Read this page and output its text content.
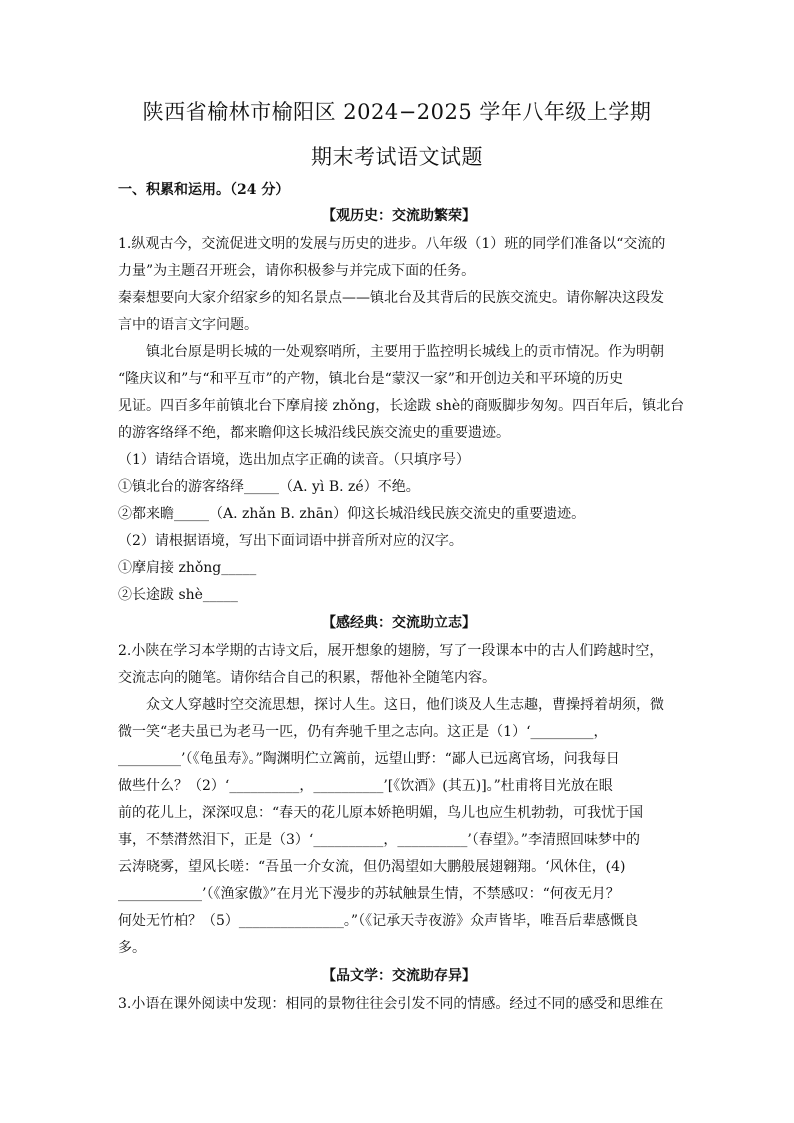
陕西省榆林市榆阳区 2024−2025 学年八年级上学期
期末考试语文试题
一、积累和运用。（24 分）
【观历史：交流助繁荣】
1.纵观古今，交流促进文明的发展与历史的进步。八年级（1）班的同学们准备以“交流的
力量”为主题召开班会，请你积极参与并完成下面的任务。
秦秦想要向大家介绍家乡的知名景点——镇北台及其背后的民族交流史。请你解决这段发
言中的语言文字问题。
镇北台原是明长城的一处观察哨所，主要用于监控明长城线上的贡市情况。作为明朝
“隆庆议和”与“和平互市”的产物，镇北台是“蒙汉一家”和开创边关和平环境的历史
见证。四百多年前镇北台下摩肩接 zhǒng，长途跋 shè的商贩脚步匆匆。四百年后，镇北台
的游客络绎不绝，都来瞻仰这长城沿线民族交流史的重要遗迹。
（1）请结合语境，选出加点字正确的读音。（只填序号）
①镇北台的游客络绎_____（A. yì B. zé）不绝。
②都来瞻_____（A. zhǎn B. zhān）仰这长城沿线民族交流史的重要遗迹。
（2）请根据语境，写出下面词语中拼音所对应的汉字。
①摩肩接 zhǒng_____
②长途跋 shè_____
【感经典：交流助立志】
2.小陕在学习本学期的古诗文后，展开想象的翅膀，写了一段课本中的古人们跨越时空，
交流志向的随笔。请你结合自己的积累，帮他补全随笔内容。
众文人穿越时空交流思想，探讨人生。这日，他们谈及人生志趣，曹操捋着胡须，微
微一笑“老夫虽已为老马一匹，仍有奔驰千里之志向。这正是（1）‘_________，
_________’（《龟虽寿》。”陶渊明伫立篱前，远望山野：“鄙人已远离官场，问我每日
做些什么？（2）‘__________，__________’[《饮酒》(其五)]。”杜甫将目光放在眼
前的花儿上，深深叹息：“春天的花儿原本娇艳明媚，鸟儿也应生机勃勃，可我忧于国
事，不禁潸然泪下，正是（3）‘__________，__________’（春望》。”李清照回味梦中的
云涛晓雾，望风长嗟：“吾虽一介女流，但仍渴望如大鹏般展翅翱翔。‘风休住，(4)
____________’（《渔家傲》”在月光下漫步的苏轼触景生情，不禁感叹：“何夜无月？
何处无竹柏？（5）_______________。”（《记承天寺夜游》众声皆毕，唯吾后辈感慨良
多。
【品文学：交流助存异】
3.小语在课外阅读中发现：相同的景物往往会引发不同的情感。经过不同的感受和思维在
